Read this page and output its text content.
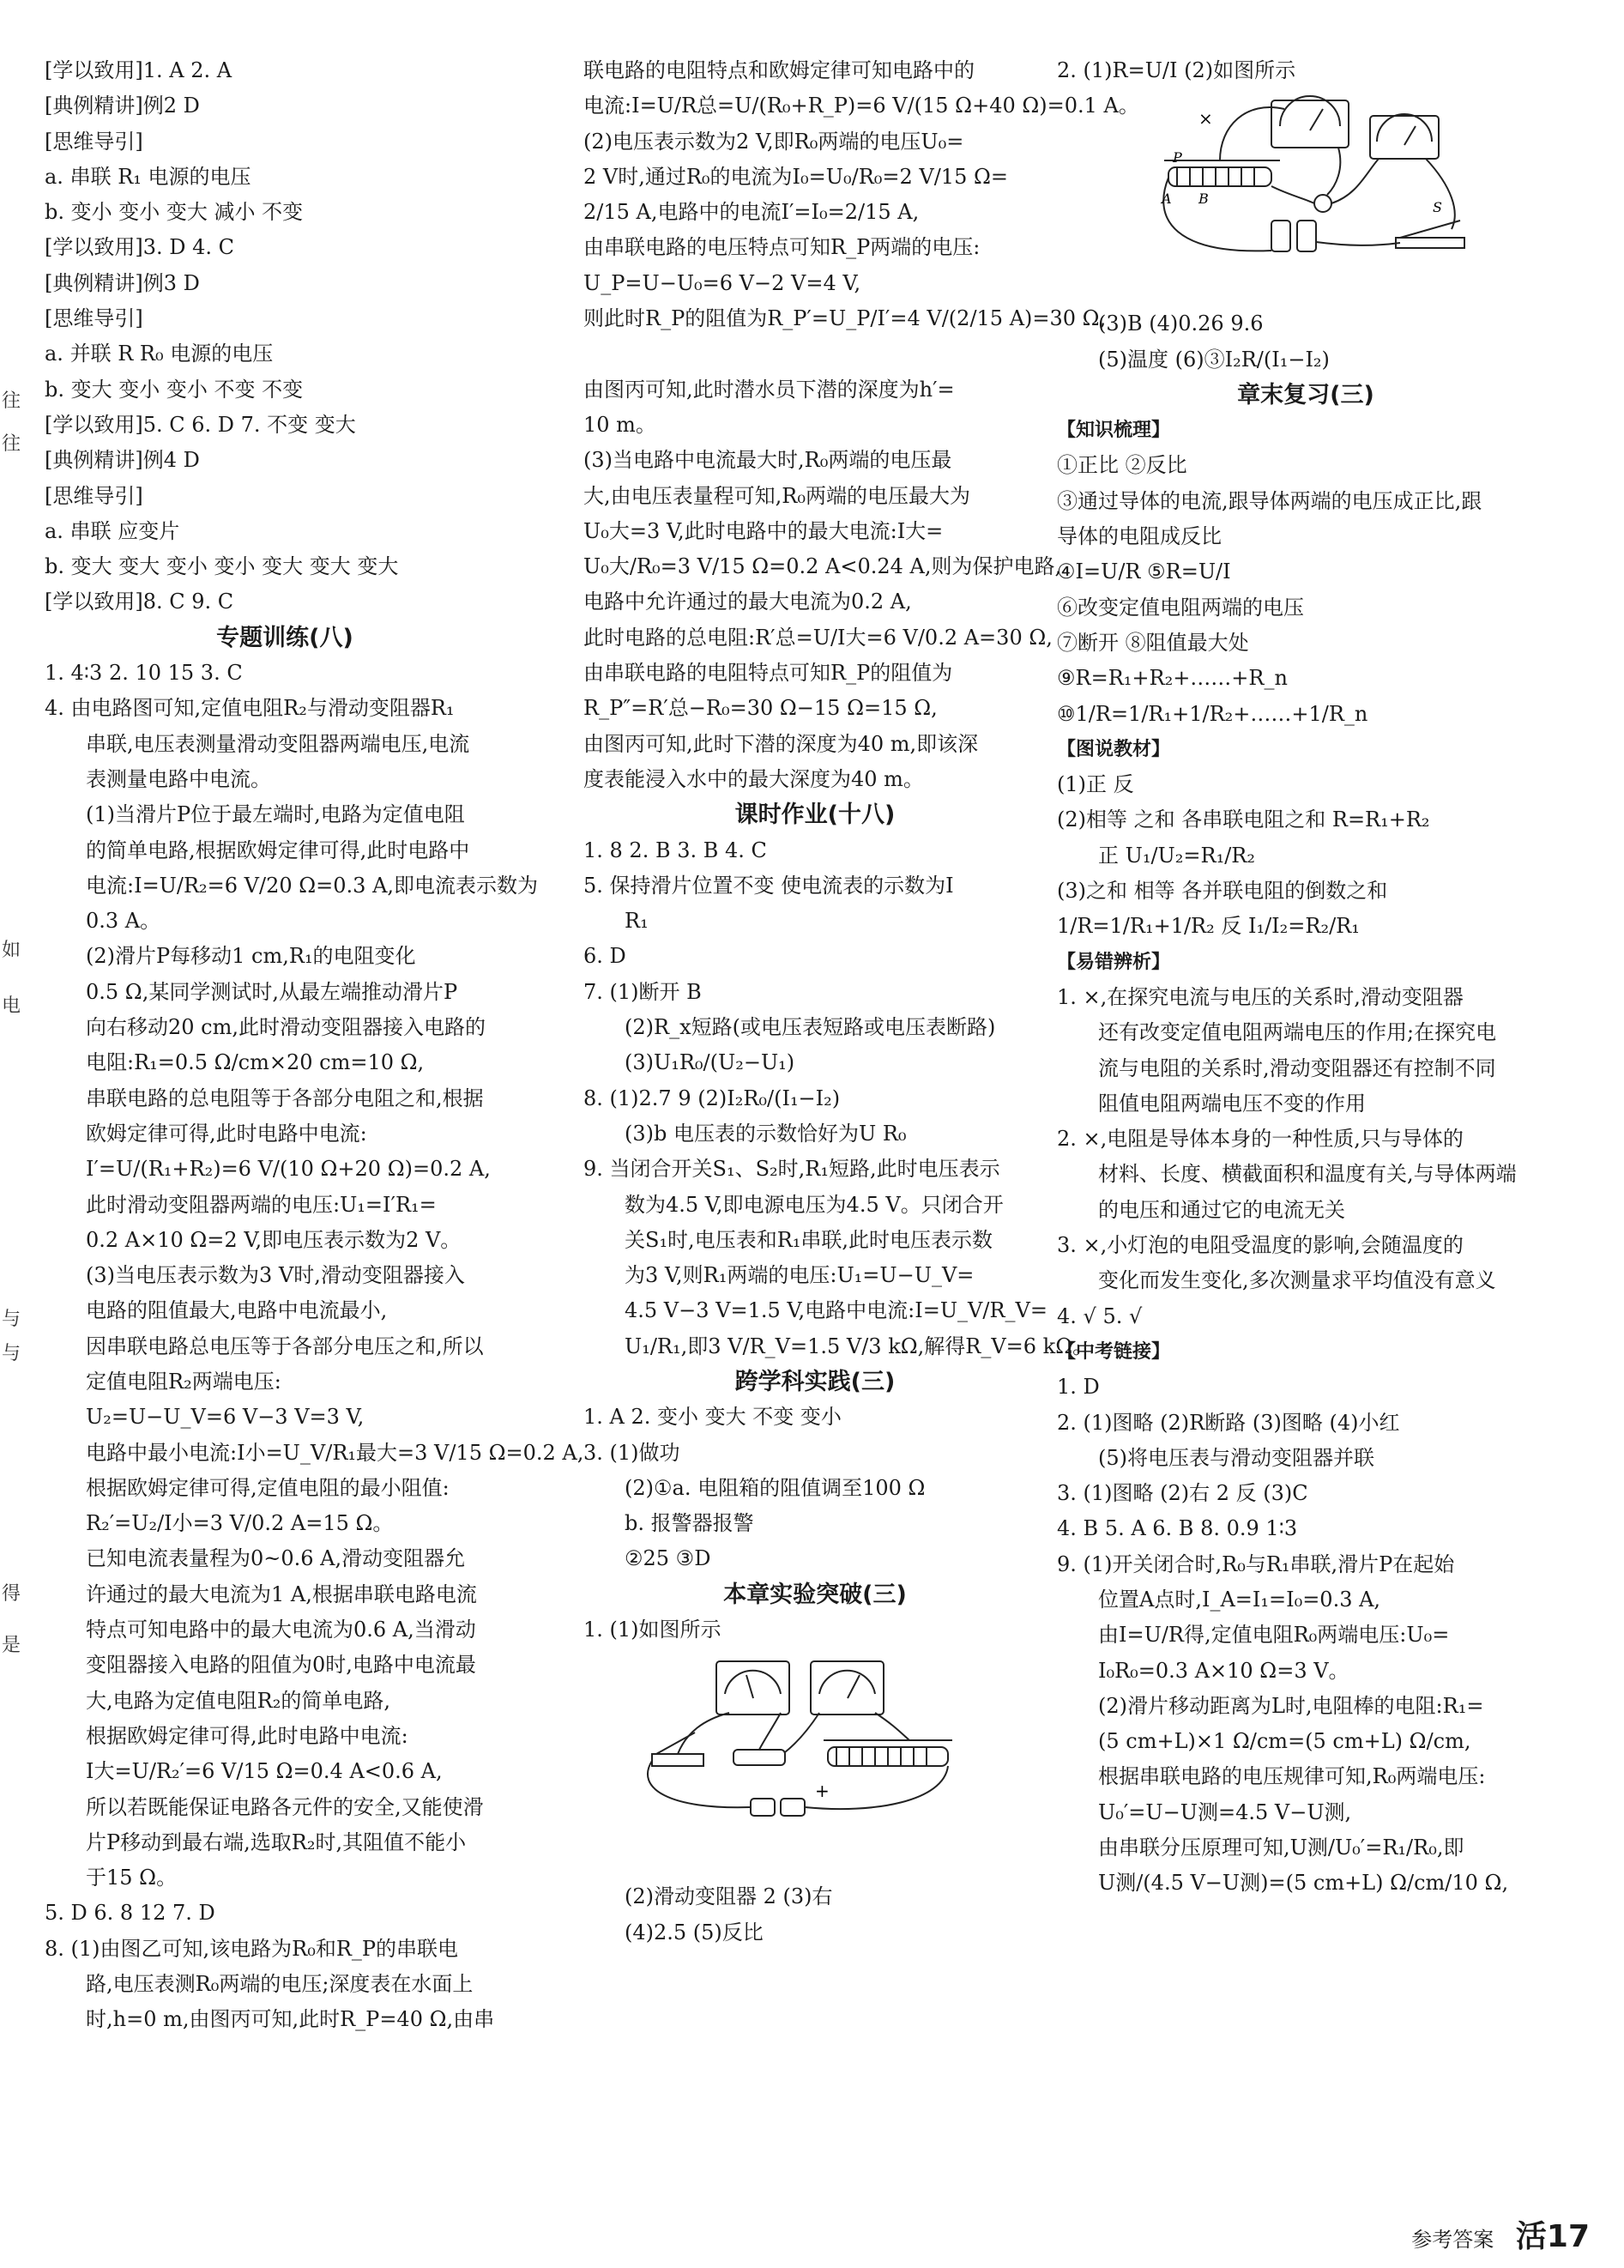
[学以致用]1. A 2. A
[典例精讲]例2 D
[思维导引]
a. 串联 R₁ 电源的电压
b. 变小 变小 变大 减小 不变
[学以致用]3. D 4. C
[典例精讲]例3 D
[思维导引]
a. 并联 R R₀ 电源的电压
b. 变大 变小 变小 不变 不变
[学以致用]5. C 6. D 7. 不变 变大
[典例精讲]例4 D
[思维导引]
a. 串联 应变片
b. 变大 变大 变小 变小 变大 变大 变大
[学以致用]8. C 9. C
专题训练(八)
1. 4∶3 2. 10 15 3. C
4. 由电路图可知,定值电阻R₂与滑动变阻器R₁
串联,电压表测量滑动变阻器两端电压,电流
表测量电路中电流。
(1)当滑片P位于最左端时,电路为定值电阻
的简单电路,根据欧姆定律可得,此时电路中
电流:I=U/R₂=6 V/20 Ω=0.3 A,即电流表示数为
0.3 A。
(2)滑片P每移动1 cm,R₁的电阻变化
0.5 Ω,某同学测试时,从最左端推动滑片P
向右移动20 cm,此时滑动变阻器接入电路的
电阻:R₁=0.5 Ω/cm×20 cm=10 Ω,
串联电路的总电阻等于各部分电阻之和,根据
欧姆定律可得,此时电路中电流:
I′=U/(R₁+R₂)=6 V/(10 Ω+20 Ω)=0.2 A,
此时滑动变阻器两端的电压:U₁=I′R₁=
0.2 A×10 Ω=2 V,即电压表示数为2 V。
(3)当电压表示数为3 V时,滑动变阻器接入
电路的阻值最大,电路中电流最小,
因串联电路总电压等于各部分电压之和,所以
定值电阻R₂两端电压:
U₂=U−U_V=6 V−3 V=3 V,
电路中最小电流:I小=U_V/R₁最大=3 V/15 Ω=0.2 A,
根据欧姆定律可得,定值电阻的最小阻值:
R₂′=U₂/I小=3 V/0.2 A=15 Ω。
已知电流表量程为0~0.6 A,滑动变阻器允
许通过的最大电流为1 A,根据串联电路电流
特点可知电路中的最大电流为0.6 A,当滑动
变阻器接入电路的阻值为0时,电路中电流最
大,电路为定值电阻R₂的简单电路,
根据欧姆定律可得,此时电路中电流:
I大=U/R₂′=6 V/15 Ω=0.4 A<0.6 A,
所以若既能保证电路各元件的安全,又能使滑
片P移动到最右端,选取R₂时,其阻值不能小
于15 Ω。
5. D 6. 8 12 7. D
8. (1)由图乙可知,该电路为R₀和R_P的串联电
路,电压表测R₀两端的电压;深度表在水面上
时,h=0 m,由图丙可知,此时R_P=40 Ω,由串
联电路的电阻特点和欧姆定律可知电路中的
电流:I=U/R总=U/(R₀+R_P)=6 V/(15 Ω+40 Ω)=0.1 A。
(2)电压表示数为2 V,即R₀两端的电压U₀=
2 V时,通过R₀的电流为I₀=U₀/R₀=2 V/15 Ω=
2/15 A,电路中的电流I′=I₀=2/15 A,
由串联电路的电压特点可知R_P两端的电压:
U_P=U−U₀=6 V−2 V=4 V,
则此时R_P的阻值为R_P′=U_P/I′=4 V/(2/15 A)=30 Ω,
由图丙可知,此时潜水员下潜的深度为h′=
10 m。
(3)当电路中电流最大时,R₀两端的电压最
大,由电压表量程可知,R₀两端的电压最大为
U₀大=3 V,此时电路中的最大电流:I大=
U₀大/R₀=3 V/15 Ω=0.2 A<0.24 A,则为保护电路,
电路中允许通过的最大电流为0.2 A,
此时电路的总电阻:R′总=U/I大=6 V/0.2 A=30 Ω,
由串联电路的电阻特点可知R_P的阻值为
R_P″=R′总−R₀=30 Ω−15 Ω=15 Ω,
由图丙可知,此时下潜的深度为40 m,即该深
度表能浸入水中的最大深度为40 m。
课时作业(十八)
1. 8 2. B 3. B 4. C
5. 保持滑片位置不变 使电流表的示数为I
R₁
6. D
7. (1)断开 B
(2)R_x短路(或电压表短路或电压表断路)
(3)U₁R₀/(U₂−U₁)
8. (1)2.7 9 (2)I₂R₀/(I₁−I₂)
(3)b 电压表的示数恰好为U R₀
9. 当闭合开关S₁、S₂时,R₁短路,此时电压表示
数为4.5 V,即电源电压为4.5 V。只闭合开
关S₁时,电压表和R₁串联,此时电压表示数
为3 V,则R₁两端的电压:U₁=U−U_V=
4.5 V−3 V=1.5 V,电路中电流:I=U_V/R_V=
U₁/R₁,即3 V/R_V=1.5 V/3 kΩ,解得R_V=6 kΩ。
跨学科实践(三)
1. A 2. 变小 变大 不变 变小
3. (1)做功
(2)①a. 电阻箱的阻值调至100 Ω
b. 报警器报警
②25 ③D
本章实验突破(三)
1. (1)如图所示
+
(2)滑动变阻器 2 (3)右
(4)2.5 (5)反比
2. (1)R=U/I (2)如图所示
×
P
A B
S
(3)B (4)0.26 9.6
(5)温度 (6)③I₂R/(I₁−I₂)
章末复习(三)
【知识梳理】
①正比 ②反比
③通过导体的电流,跟导体两端的电压成正比,跟
导体的电阻成反比
④I=U/R ⑤R=U/I
⑥改变定值电阻两端的电压
⑦断开 ⑧阻值最大处
⑨R=R₁+R₂+……+R_n
⑩1/R=1/R₁+1/R₂+……+1/R_n
【图说教材】
(1)正 反
(2)相等 之和 各串联电阻之和 R=R₁+R₂
正 U₁/U₂=R₁/R₂
(3)之和 相等 各并联电阻的倒数之和
1/R=1/R₁+1/R₂ 反 I₁/I₂=R₂/R₁
【易错辨析】
1. ×,在探究电流与电压的关系时,滑动变阻器
还有改变定值电阻两端电压的作用;在探究电
流与电阻的关系时,滑动变阻器还有控制不同
阻值电阻两端电压不变的作用
2. ×,电阻是导体本身的一种性质,只与导体的
材料、长度、横截面积和温度有关,与导体两端
的电压和通过它的电流无关
3. ×,小灯泡的电阻受温度的影响,会随温度的
变化而发生变化,多次测量求平均值没有意义
4. √ 5. √
【中考链接】
1. D
2. (1)图略 (2)R断路 (3)图略 (4)小红
(5)将电压表与滑动变阻器并联
3. (1)图略 (2)右 2 反 (3)C
4. B 5. A 6. B 8. 0.9 1∶3
9. (1)开关闭合时,R₀与R₁串联,滑片P在起始
位置A点时,I_A=I₁=I₀=0.3 A,
由I=U/R得,定值电阻R₀两端电压:U₀=
I₀R₀=0.3 A×10 Ω=3 V。
(2)滑片移动距离为L时,电阻棒的电阻:R₁=
(5 cm+L)×1 Ω/cm=(5 cm+L) Ω/cm,
根据串联电路的电压规律可知,R₀两端电压:
U₀′=U−U测=4.5 V−U测,
由串联分压原理可知,U测/U₀′=R₁/R₀,即
U测/(4.5 V−U测)=(5 cm+L) Ω/cm/10 Ω,
参考答案 活17
往
往
与
电
如
与
得
是
